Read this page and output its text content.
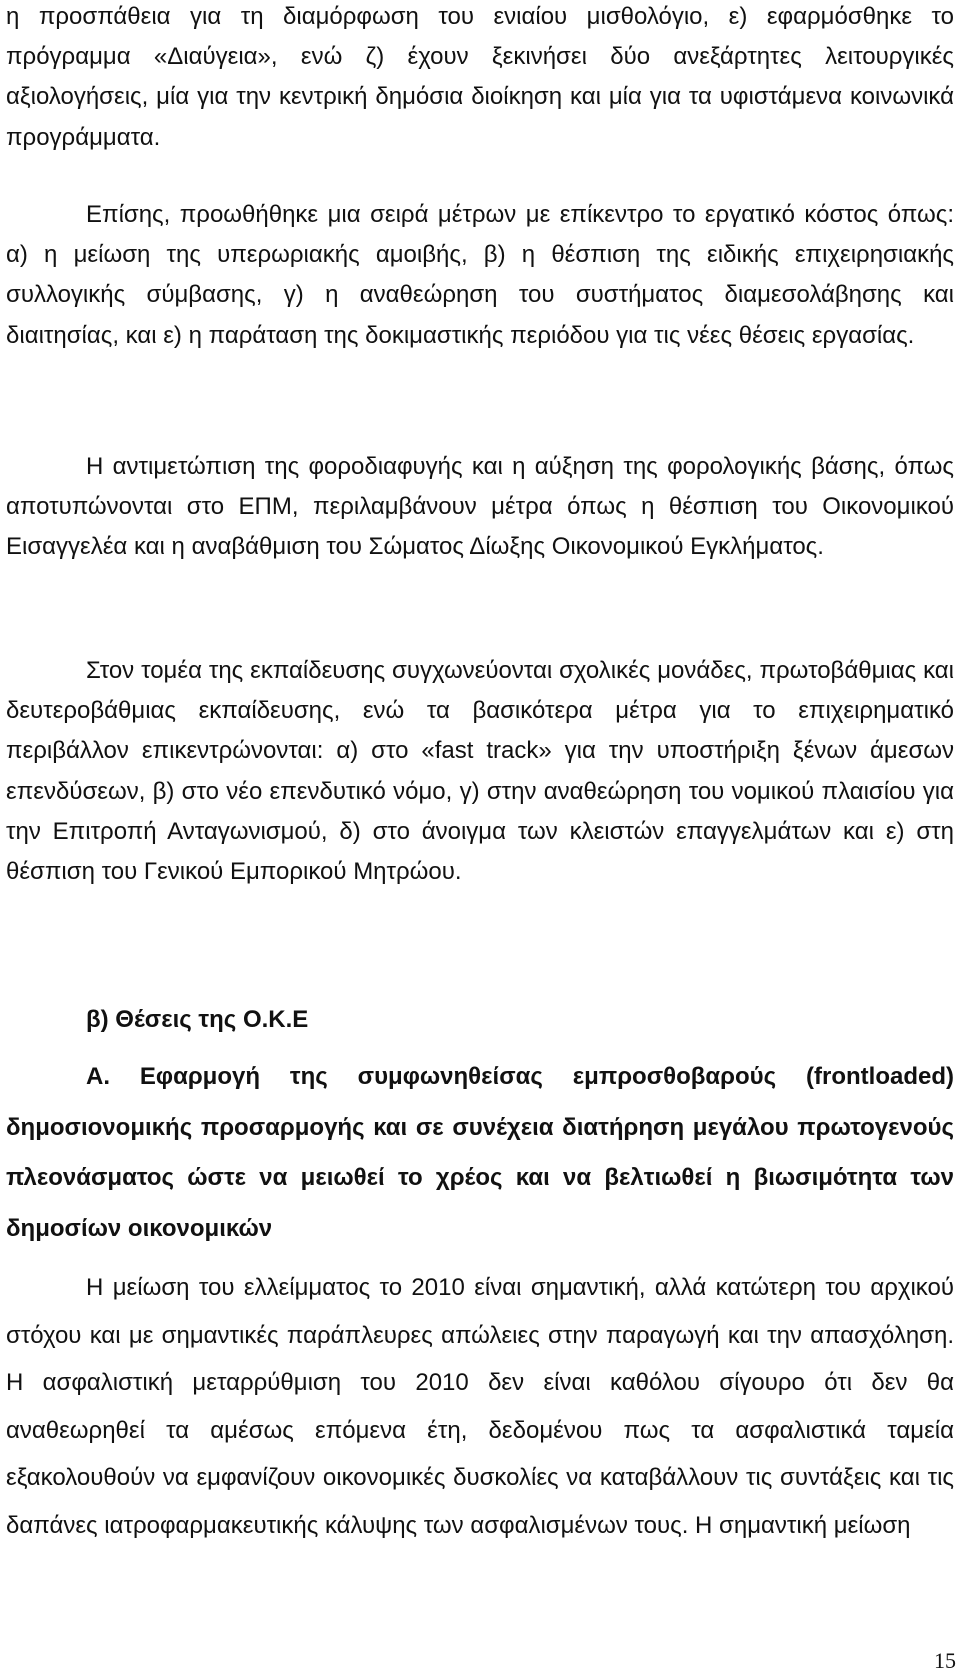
η προσπάθεια για τη διαμόρφωση του ενιαίου μισθολόγιο, ε) εφαρμόσθηκε το πρόγραμμα «Διαύγεια», ενώ ζ) έχουν ξεκινήσει δύο ανεξάρτητες λειτουργικές αξιολογήσεις, μία για την κεντρική δημόσια διοίκηση και μία για τα υφιστάμενα κοινωνικά προγράμματα.

Επίσης, προωθήθηκε μια σειρά μέτρων με επίκεντρο το εργατικό κόστος όπως: α) η μείωση της υπερωριακής αμοιβής, β) η θέσπιση της ειδικής επιχειρησιακής συλλογικής σύμβασης, γ) η αναθεώρηση του συστήματος διαμεσολάβησης και διαιτησίας, και ε) η παράταση της δοκιμαστικής περιόδου για τις νέες θέσεις εργασίας.

Η αντιμετώπιση της φοροδιαφυγής και η αύξηση της φορολογικής βάσης, όπως αποτυπώνονται στο ΕΠΜ, περιλαμβάνουν μέτρα όπως η θέσπιση του Οικονομικού Εισαγγελέα και η αναβάθμιση του Σώματος Δίωξης Οικονομικού Εγκλήματος.

Στον τομέα της εκπαίδευσης συγχωνεύονται σχολικές μονάδες, πρωτοβάθμιας και δευτεροβάθμιας εκπαίδευσης, ενώ τα βασικότερα μέτρα για το επιχειρηματικό περιβάλλον επικεντρώνονται: α) στο «fast track» για την υποστήριξη ξένων άμεσων επενδύσεων, β) στο νέο επενδυτικό νόμο, γ) στην αναθεώρηση του νομικού πλαισίου για την Επιτροπή Ανταγωνισμού, δ) στο άνοιγμα των κλειστών επαγγελμάτων και ε) στη θέσπιση του Γενικού Εμπορικού Μητρώου.

β) Θέσεις της Ο.Κ.Ε

Α. Εφαρμογή της συμφωνηθείσας εμπροσθοβαρούς (frontloaded) δημοσιονομικής προσαρμογής και σε συνέχεια διατήρηση μεγάλου πρωτογενούς πλεονάσματος ώστε να μειωθεί το χρέος και να βελτιωθεί η βιωσιμότητα των δημοσίων οικονομικών

Η μείωση του ελλείμματος το 2010 είναι σημαντική, αλλά κατώτερη του αρχικού στόχου και με σημαντικές παράπλευρες απώλειες στην παραγωγή και την απασχόληση. Η ασφαλιστική μεταρρύθμιση του 2010 δεν είναι καθόλου σίγουρο ότι δεν θα αναθεωρηθεί τα αμέσως επόμενα έτη, δεδομένου πως τα ασφαλιστικά ταμεία εξακολουθούν να εμφανίζουν οικονομικές δυσκολίες να καταβάλλουν τις συντάξεις και τις δαπάνες ιατροφαρμακευτικής κάλυψης των ασφαλισμένων τους. Η σημαντική μείωση

15
